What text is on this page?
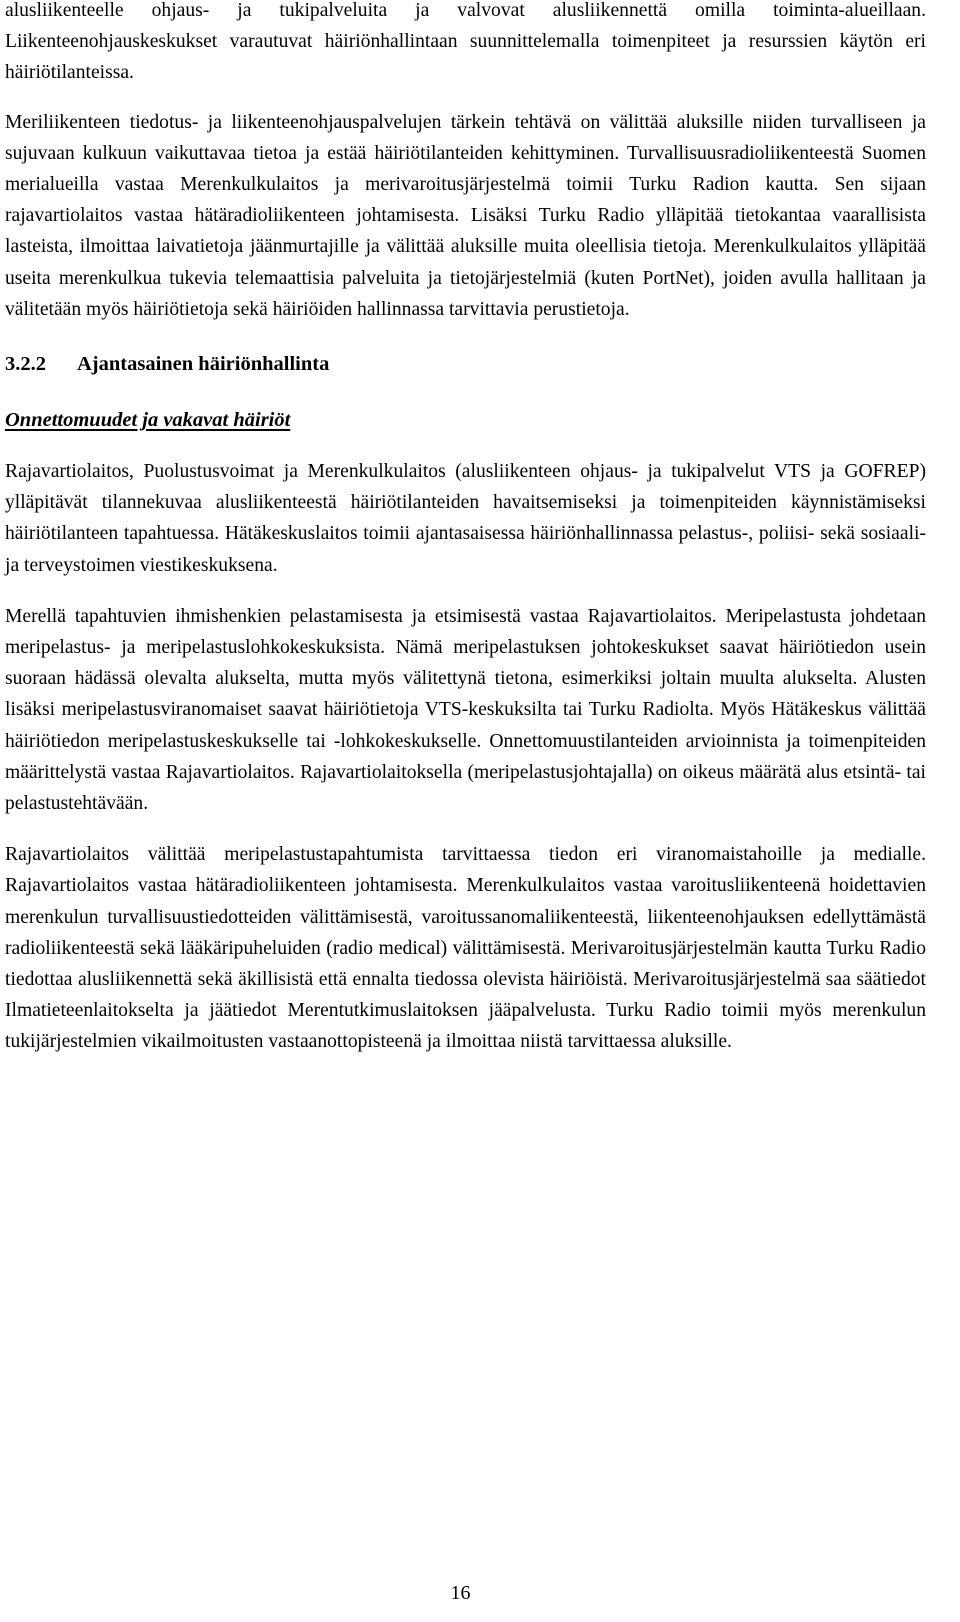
alusliikenteelle ohjaus- ja tukipalveluita ja valvovat alusliikennettä omilla toiminta-alueillaan. Liikenteenohjauskeskukset varautuvat häiriönhallintaan suunnittelemalla toimenpiteet ja resurssien käytön eri häiriötilanteissa.

Meriliikenteen tiedotus- ja liikenteenohjauspalvelujen tärkein tehtävä on välittää aluksille niiden turvalliseen ja sujuvaan kulkuun vaikuttavaa tietoa ja estää häiriötilanteiden kehittyminen. Turvallisuusradioliikenteestä Suomen merialueilla vastaa Merenkulkulaitos ja merivaroitusjärjestelmä toimii Turku Radion kautta. Sen sijaan rajavartiolaitos vastaa hätäradioliikenteen johtamisesta. Lisäksi Turku Radio ylläpitää tietokantaa vaarallisista lasteista, ilmoittaa laivatietoja jäänmurtajille ja välittää aluksille muita oleellisia tietoja. Merenkulkulaitos ylläpitää useita merenkulkua tukevia telemaattisia palveluita ja tietojärjestelmiä (kuten PortNet), joiden avulla hallitaan ja välitetään myös häiriötietoja sekä häiriöiden hallinnassa tarvittavia perustietoja.

3.2.2 Ajantasainen häiriönhallinta
Onnettomuudet ja vakavat häiriöt

Rajavartiolaitos, Puolustusvoimat ja Merenkulkulaitos (alusliikenteen ohjaus- ja tukipalvelut VTS ja GOFREP) ylläpitävät tilannekuvaa alusliikenteestä häiriötilanteiden havaitsemiseksi ja toimenpiteiden käynnistämiseksi häiriötilanteen tapahtuessa. Hätäkeskuslaitos toimii ajantasaisessa häiriönhallinnassa pelastus-, poliisi- sekä sosiaali- ja terveystoimen viestikeskuksena.

Merellä tapahtuvien ihmishenkien pelastamisesta ja etsimisestä vastaa Rajavartiolaitos. Meripelastusta johdetaan meripelastus- ja meripelastuslohkokeskuksista. Nämä meripelastuksen johtokeskukset saavat häiriötiedon usein suoraan hädässä olevalta alukselta, mutta myös välitettynä tietona, esimerkiksi joltain muulta alukselta. Alusten lisäksi meripelastusviranomaiset saavat häiriötietoja VTS-keskuksilta tai Turku Radiolta. Myös Hätäkeskus välittää häiriötiedon meripelastuskeskukselle tai -lohkokeskukselle. Onnettomuustilanteiden arvioinnista ja toimenpiteiden määrittelystä vastaa Rajavartiolaitos. Rajavartiolaitoksella (meripelastusjohtajalla) on oikeus määrätä alus etsintä- tai pelastustehtävään.

Rajavartiolaitos välittää meripelastustapahtumista tarvittaessa tiedon eri viranomaistahoille ja medialle. Rajavartiolaitos vastaa hätäradioliikenteen johtamisesta. Merenkulkulaitos vastaa varoitusliikenteenä hoidettavien merenkulun turvallisuustiedotteiden välittämisestä, varoitussanomaliikenteestä, liikenteenohjauksen edellyttämästä radioliikenteestä sekä lääkäripuheluiden (radio medical) välittämisestä. Merivaroitusjärjestelmän kautta Turku Radio tiedottaa alusliikennettä sekä äkillisistä että ennalta tiedossa olevista häiriöistä. Merivaroitusjärjestelmä saa säätiedot Ilmatieteenlaitokselta ja jäätiedot Merentutkimuslaitoksen jääpalvelusta. Turku Radio toimii myös merenkulun tukijärjestelmien vikailmoitusten vastaanottopisteenä ja ilmoittaa niistä tarvittaessa aluksille.

16
